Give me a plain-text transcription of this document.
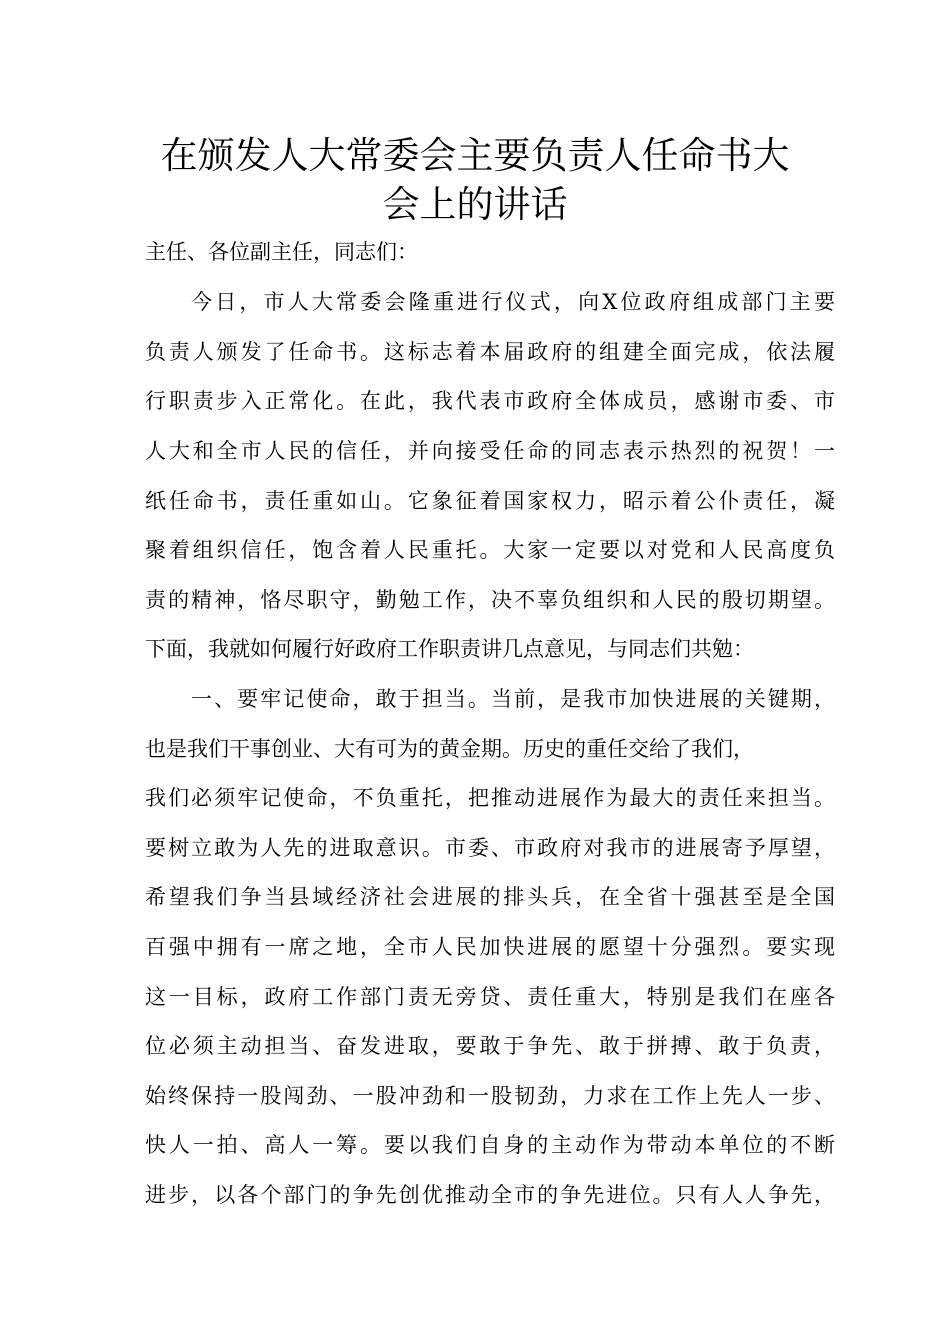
在颁发人大常委会主要负责人任命书大
会上的讲话
主任、各位副主任，同志们：
今日，市人大常委会隆重进行仪式，向X位政府组成部门主要
负责人颁发了任命书。这标志着本届政府的组建全面完成，依法履
行职责步入正常化。在此，我代表市政府全体成员，感谢市委、市
人大和全市人民的信任，并向接受任命的同志表示热烈的祝贺！一
纸任命书，责任重如山。它象征着国家权力，昭示着公仆责任，凝
聚着组织信任，饱含着人民重托。大家一定要以对党和人民高度负
责的精神，恪尽职守，勤勉工作，决不辜负组织和人民的殷切期望。
下面，我就如何履行好政府工作职责讲几点意见，与同志们共勉：
一、要牢记使命，敢于担当。当前，是我市加快进展的关键期，
也是我们干事创业、大有可为的黄金期。历史的重任交给了我们，
我们必须牢记使命，不负重托，把推动进展作为最大的责任来担当。
要树立敢为人先的进取意识。市委、市政府对我市的进展寄予厚望，
希望我们争当县域经济社会进展的排头兵，在全省十强甚至是全国
百强中拥有一席之地，全市人民加快进展的愿望十分强烈。要实现
这一目标，政府工作部门责无旁贷、责任重大，特别是我们在座各
位必须主动担当、奋发进取，要敢于争先、敢于拼搏、敢于负责，
始终保持一股闯劲、一股冲劲和一股韧劲，力求在工作上先人一步、
快人一拍、高人一筹。要以我们自身的主动作为带动本单位的不断
进步，以各个部门的争先创优推动全市的争先进位。只有人人争先，
